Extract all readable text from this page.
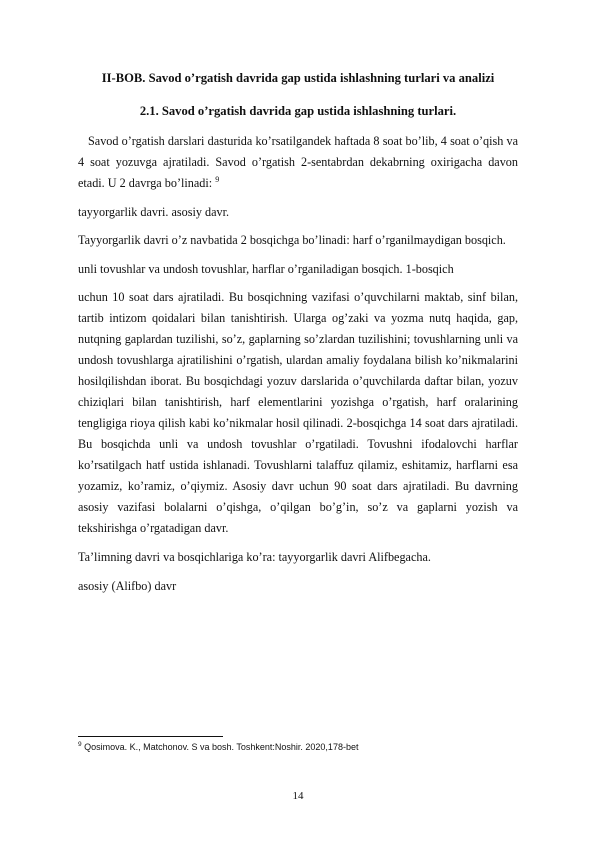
II-BOB. Savod o’rgatish davrida gap ustida ishlashning turlari va analizi
2.1. Savod o’rgatish davrida gap ustida ishlashning turlari.

Savod o’rgatish darslari dasturida ko’rsatilgandek haftada 8 soat bo’lib, 4 soat o’qish va 4 soat yozuvga ajratiladi. Savod o’rgatish 2-sentabrdan dekabrning oxirigacha davon etadi. U 2 davrga bo’linadi: $^9$

tayyorgarlik davri. asosiy davr.

Tayyorgarlik davri o’z navbatida 2 bosqichga bo’linadi: harf o’rganilmaydigan bosqich.

unli tovushlar va undosh tovushlar, harflar o’rganiladigan bosqich. 1-bosqich

uchun 10 soat dars ajratiladi. Bu bosqichning vazifasi o’quvchilarni maktab, sinf bilan, tartib intizom qoidalari bilan tanishtirish. Ularga og’zaki va yozma nutq haqida, gap, nutqning gaplardan tuzilishi, so’z, gaplarning so’zlardan tuzilishini; tovushlarning unli va undosh tovushlarga ajratilishini o’rgatish, ulardan amaliy foydalana bilish ko’nikmalarini hosilqilishdan iborat. Bu bosqichdagi yozuv darslarida o’quvchilarda daftar bilan, yozuv chiziqlari bilan tanishtirish, harf elementlarini yozishga o’rgatish, harf oralarining tengligiga rioya qilish kabi ko’nikmalar hosil qilinadi. 2-bosqichga 14 soat dars ajratiladi. Bu bosqichda unli va undosh tovushlar o’rgatiladi. Tovushni ifodalovchi harflar ko’rsatilgach hatf ustida ishlanadi. Tovushlarni talaffuz qilamiz, eshitamiz, harflarni esa yozamiz, ko’ramiz, o’qiymiz. Asosiy davr uchun 90 soat dars ajratiladi. Bu davrning asosiy vazifasi bolalarni o’qishga, o’qilgan bo’g’in, so’z va gaplarni yozish va tekshirishga o’rgatadigan davr.

Ta’limning davri va bosqichlariga ko’ra: tayyorgarlik davri Alifbegacha.

asosiy (Alifbo) davr

$^9$ Qosimova. K., Matchonov. S va bosh. Toshkent:Noshir. 2020,178-bet
14
